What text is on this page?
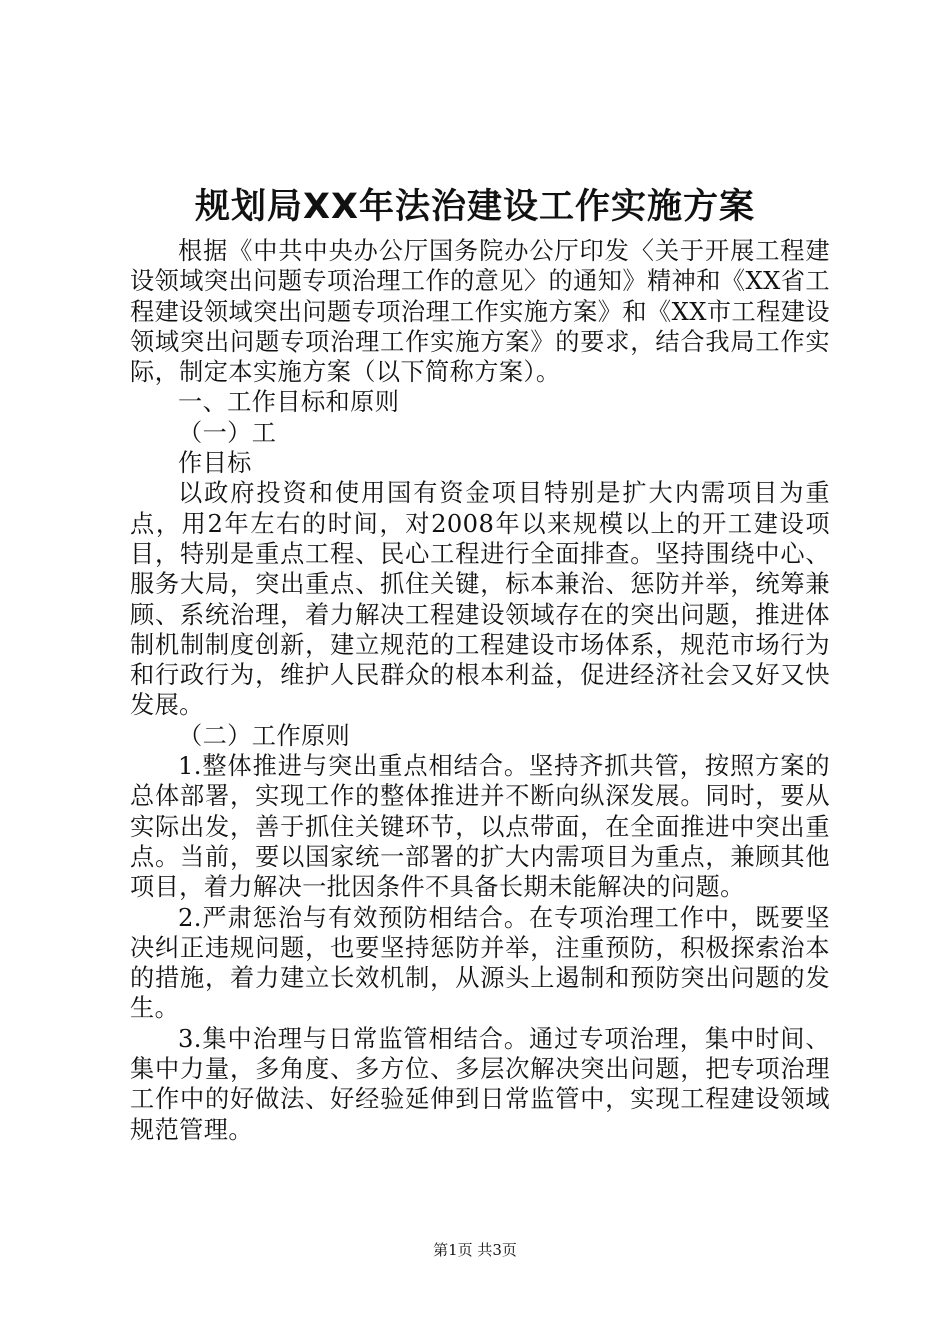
规划局XX年法治建设工作实施方案

根据《中共中央办公厅国务院办公厅印发〈关于开展工程建设领域突出问题专项治理工作的意见〉的通知》精神和《XX省工程建设领域突出问题专项治理工作实施方案》和《XX市工程建设领域突出问题专项治理工作实施方案》的要求，结合我局工作实际，制定本实施方案（以下简称方案）。

一、工作目标和原则

（一）工

作目标

以政府投资和使用国有资金项目特别是扩大内需项目为重点，用2年左右的时间，对2008年以来规模以上的开工建设项目，特别是重点工程、民心工程进行全面排查。坚持围绕中心、服务大局，突出重点、抓住关键，标本兼治、惩防并举，统筹兼顾、系统治理，着力解决工程建设领域存在的突出问题，推进体制机制制度创新，建立规范的工程建设市场体系，规范市场行为和行政行为，维护人民群众的根本利益，促进经济社会又好又快发展。

（二）工作原则

1.整体推进与突出重点相结合。坚持齐抓共管，按照方案的总体部署，实现工作的整体推进并不断向纵深发展。同时，要从实际出发，善于抓住关键环节，以点带面，在全面推进中突出重点。当前，要以国家统一部署的扩大内需项目为重点，兼顾其他项目，着力解决一批因条件不具备长期未能解决的问题。

2.严肃惩治与有效预防相结合。在专项治理工作中，既要坚决纠正违规问题，也要坚持惩防并举，注重预防，积极探索治本的措施，着力建立长效机制，从源头上遏制和预防突出问题的发生。

3.集中治理与日常监管相结合。通过专项治理，集中时间、集中力量，多角度、多方位、多层次解决突出问题，把专项治理工作中的好做法、好经验延伸到日常监管中，实现工程建设领域规范管理。

第1页 共3页
